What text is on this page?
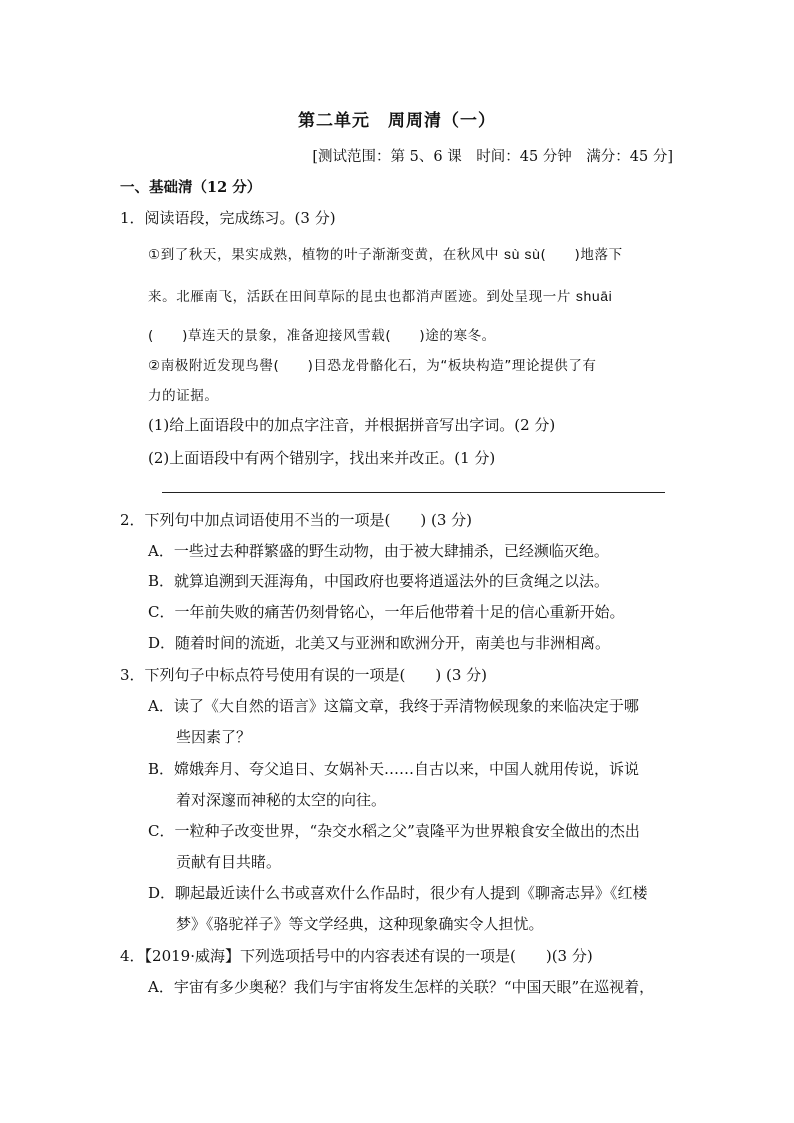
第二单元　周周清（一）
[测试范围：第 5、6 课　时间：45 分钟　满分：45 分]
一、基础清（12 分）
1．阅读语段，完成练习。(3 分)
①到了秋天，果实成熟，植物的叶子渐渐变黄，在秋风中 sù sù(　　)地落下
来。北雁南飞，活跃在田间草际的昆虫也都消声匿迹。到处呈现一片 shuāi
(　　)草连天的景象，准备迎接风雪载(　　)途的寒冬。
②南极附近发现鸟嚳(　　)目恐龙骨骼化石，为“板块构造”理论提供了有
力的证据。
(1)给上面语段中的加点字注音，并根据拼音写出字词。(2 分)
(2)上面语段中有两个错别字，找出来并改正。(1 分)
2．下列句中加点词语使用不当的一项是(　　) (3 分)
A．一些过去种群繁盛的野生动物，由于被大肆捕杀，已经濒临灭绝。
B．就算追溯到天涯海角，中国政府也要将逍遥法外的巨贪绳之以法。
C．一年前失败的痛苦仍刻骨铭心，一年后他带着十足的信心重新开始。
D．随着时间的流逝，北美又与亚洲和欧洲分开，南美也与非洲相离。
3．下列句子中标点符号使用有误的一项是(　　) (3 分)
A．读了《大自然的语言》这篇文章，我终于弄清物候现象的来临决定于哪
些因素了？
B．嫦娥奔月、夸父追日、女娲补天……自古以来，中国人就用传说，诉说
着对深邃而神秘的太空的向往。
C．一粒种子改变世界，“杂交水稻之父”袁隆平为世界粮食安全做出的杰出
贡献有目共睹。
D．聊起最近读什么书或喜欢什么作品时，很少有人提到《聊斋志异》《红楼
梦》《骆驼祥子》等文学经典，这种现象确实令人担忧。
4．【2019·威海】下列选项括号中的内容表述有误的一项是(　　)(3 分)
A．宇宙有多少奥秘？我们与宇宙将发生怎样的关联？“中国天眼”在巡视着，
